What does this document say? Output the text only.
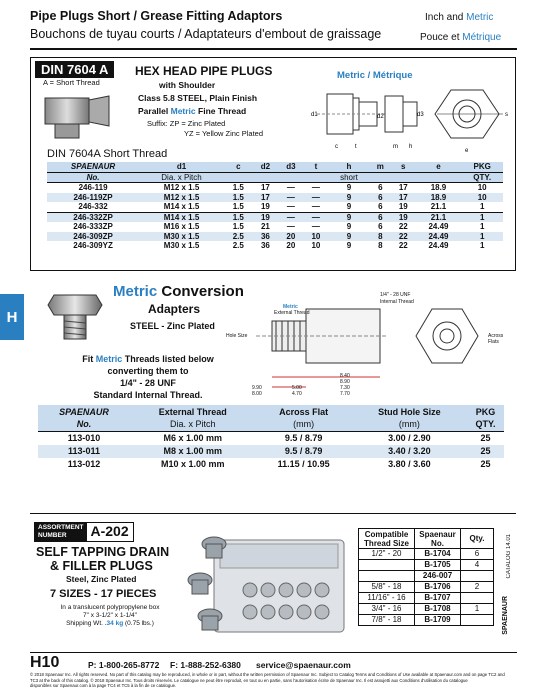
Pipe Plugs Short / Grease Fitting Adaptors
Bouchons de tuyau courts / Adaptateurs d'embout de graissage
Inch and Metric
Pouce et Métrique
H
DIN 7604 A
A = Short Thread
HEX HEAD PIPE PLUGS
with Shoulder
Class 5.8 STEEL, Plain Finish
Parallel Metric Fine Thread
Suffix: ZP = Zinc Plated
YZ = Yellow Zinc Plated
Metric / Métrique
d1	d2	d3	s
e
c	t	m h
DIN 7604A Short Thread
SPAENAUR	d1	c	d2	d3	t	h	m	s	e	PKG
No.	Dia. x Pitch					short				QTY.
246-119	M12 x 1.5	1.5	17	—	—	9	6	17	18.9	10
246-119ZP	M12 x 1.5	1.5	17	—	—	9	6	17	18.9	10
246-332	M14 x 1.5	1.5	19	—	—	9	6	19	21.1	1
246-332ZP	M14 x 1.5	1.5	19	—	—	9	6	19	21.1	1
246-333ZP	M16 x 1.5	1.5	21	—	—	9	6	22	24.49	1
246-309ZP	M30 x 1.5	2.5	36	20	10	9	8	22	24.49	1
246-309YZ	M30 x 1.5	2.5	36	20	10	9	8	22	24.49	1
Metric Conversion
Adapters
STEEL - Zinc Plated
Fit Metric Threads listed below
converting them to
1/4" - 28 UNF
Standard Internal Thread.
Metric
External Thread
Hole Size
1/4" - 28 UNF
Internal Thread
Across Flats
8.40
8.90
7.30
7.70
5.00
4.70
9.90
8.00
SPAENAUR	External Thread	Across Flat	Stud Hole Size	PKG
No.	Dia. x Pitch	(mm)	(mm)	QTY.
113-010	M6 x 1.00 mm	9.5 / 8.79	3.00 / 2.90	25
113-011	M8 x 1.00 mm	9.5 / 8.79	3.40 / 3.20	25
113-012	M10 x 1.00 mm	11.15 / 10.95	3.80 / 3.60	25
ASSORTMENT
NUMBER	A-202
SELF TAPPING DRAIN
& FILLER PLUGS
Steel, Zinc Plated
7 SIZES - 17 PIECES
In a translucent polypropylene box
7" x 3-1/2" x 1-1/4"
Shipping Wt. .34 kg (0.75 lbs.)
Compatible Thread Size	Spaenaur No.	Qty.
1/2" - 20	B-1704	6
	B-1705	4
	246-007	
5/8" - 18	B-1706	2
11/16" - 16	B-1707	
3/4" - 16	B-1708	1
7/8" - 18	B-1709	
CATALOG 14.01
SPAENAUR
H10	P: 1-800-265-8772 F: 1-888-252-6380 service@spaenaur.com
© 2018 Spaenaur Inc. All rights reserved. No part of this catalog may be reproduced, in whole or in part, without the written permission of Spaenaur Inc. Subject to Catalog Terms and Conditions of Use available at Spaenaur.com and on page TC2 and
TC3 at the back of this catalog. © 2018 Spaenaur Inc. Tous droits réservés. Le catalogue ne peut être reproduit, en tout ou en partie, sans l'autorisation écrite de Spaenaur Inc. Il est assujetti aux Conditions d'utilisation du catalogue
disponibles sur Spaenaur.com à la page TC4 et TC5 à la fin de ce catalogue.
